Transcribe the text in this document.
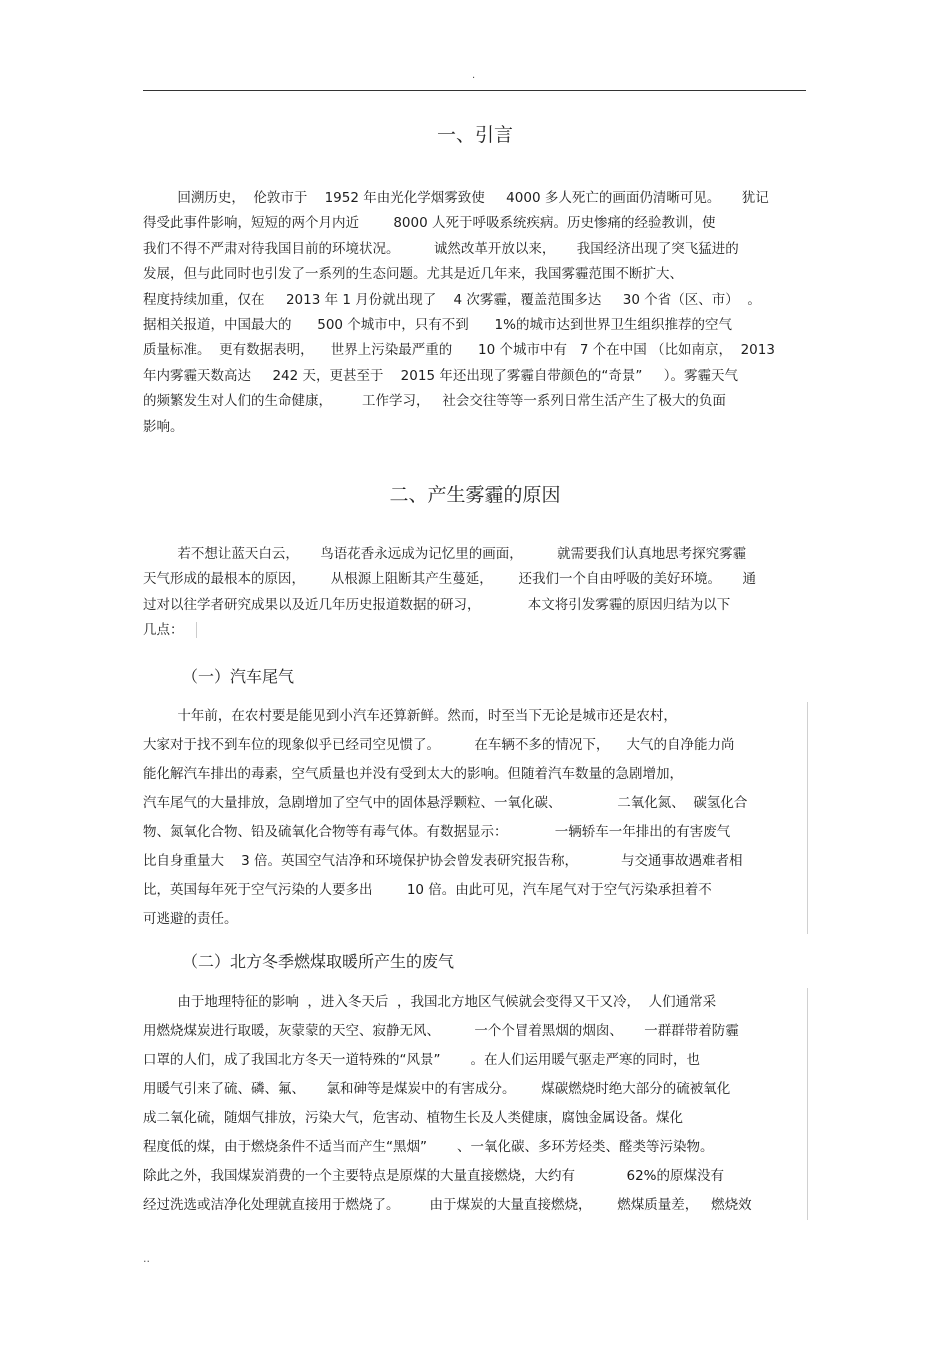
.
一、引言
回溯历史，  伦敦市于    1952 年由光化学烟雾致使     4000 多人死亡的画面仍清晰可见。     犹记
得受此事件影响，短短的两个月内近        8000 人死于呼吸系统疾病。历史惨痛的经验教训，使
我们不得不严肃对待我国目前的环境状况。        诚然改革开放以来，     我国经济出现了突飞猛进的
发展，但与此同时也引发了一系列的生态问题。尤其是近几年来，我国雾霾范围不断扩大、
程度持续加重，仅在     2013 年 1 月份就出现了    4 次雾霾，覆盖范围多达     30 个省（区、市）  。
据相关报道，中国最大的      500 个城市中，只有不到      1%的城市达到世界卫生组织推荐的空气
质量标准。  更有数据表明，    世界上污染最严重的      10 个城市中有   7 个在中国 （比如南京，  2013
年内雾霾天数高达     242 天，更甚至于    2015 年还出现了雾霾自带颜色的“奇景”     ）。雾霾天气
的频繁发生对人们的生命健康，       工作学习，   社会交往等等一系列日常生活产生了极大的负面
影响。
二、产生雾霾的原因
若不想让蓝天白云，     鸟语花香永远成为记忆里的画面，        就需要我们认真地思考探究雾霾
天气形成的最根本的原因，      从根源上阻断其产生蔓延，      还我们一个自由呼吸的美好环境。     通
过对以往学者研究成果以及近几年历史报道数据的研习，           本文将引发雾霾的原因归结为以下
几点：
（一）汽车尾气
十年前，在农村要是能见到小汽车还算新鲜。然而，时至当下无论是城市还是农村，
大家对于找不到车位的现象似乎已经司空见惯了。        在车辆不多的情况下，    大气的自净能力尚
能化解汽车排出的毒素，空气质量也并没有受到太大的影响。但随着汽车数量的急剧增加，
汽车尾气的大量排放，急剧增加了空气中的固体悬浮颗粒、一氧化碳、             二氧化氮、  碳氢化合
物、氮氧化合物、铅及硫氧化合物等有毒气体。有数据显示：           一辆轿车一年排出的有害废气
比自身重量大    3 倍。英国空气洁净和环境保护协会曾发表研究报告称，          与交通事故遇难者相
比，英国每年死于空气污染的人要多出        10 倍。由此可见，汽车尾气对于空气污染承担着不
可逃避的责任。
（二）北方冬季燃煤取暖所产生的废气
由于地理特征的影响  ，进入冬天后  ，我国北方地区气候就会变得又干又冷，  人们通常采
用燃烧煤炭进行取暖，灰蒙蒙的天空、寂静无风、        一个个冒着黑烟的烟囱、     一群群带着防霾
口罩的人们，成了我国北方冬天一道特殊的“风景”       。在人们运用暖气驱走严寒的同时，也
用暖气引来了硫、磷、氟、     氯和砷等是煤炭中的有害成分。      煤碳燃烧时绝大部分的硫被氧化
成二氧化硫，随烟气排放，污染大气，危害动、植物生长及人类健康，腐蚀金属设备。煤化
程度低的煤，由于燃烧条件不适当而产生“黑烟”       、一氧化碳、多环芳烃类、醛类等污染物。
除此之外，我国煤炭消费的一个主要特点是原煤的大量直接燃烧，大约有            62%的原煤没有
经过洗选或洁净化处理就直接用于燃烧了。       由于煤炭的大量直接燃烧，      燃煤质量差，   燃烧效
..
